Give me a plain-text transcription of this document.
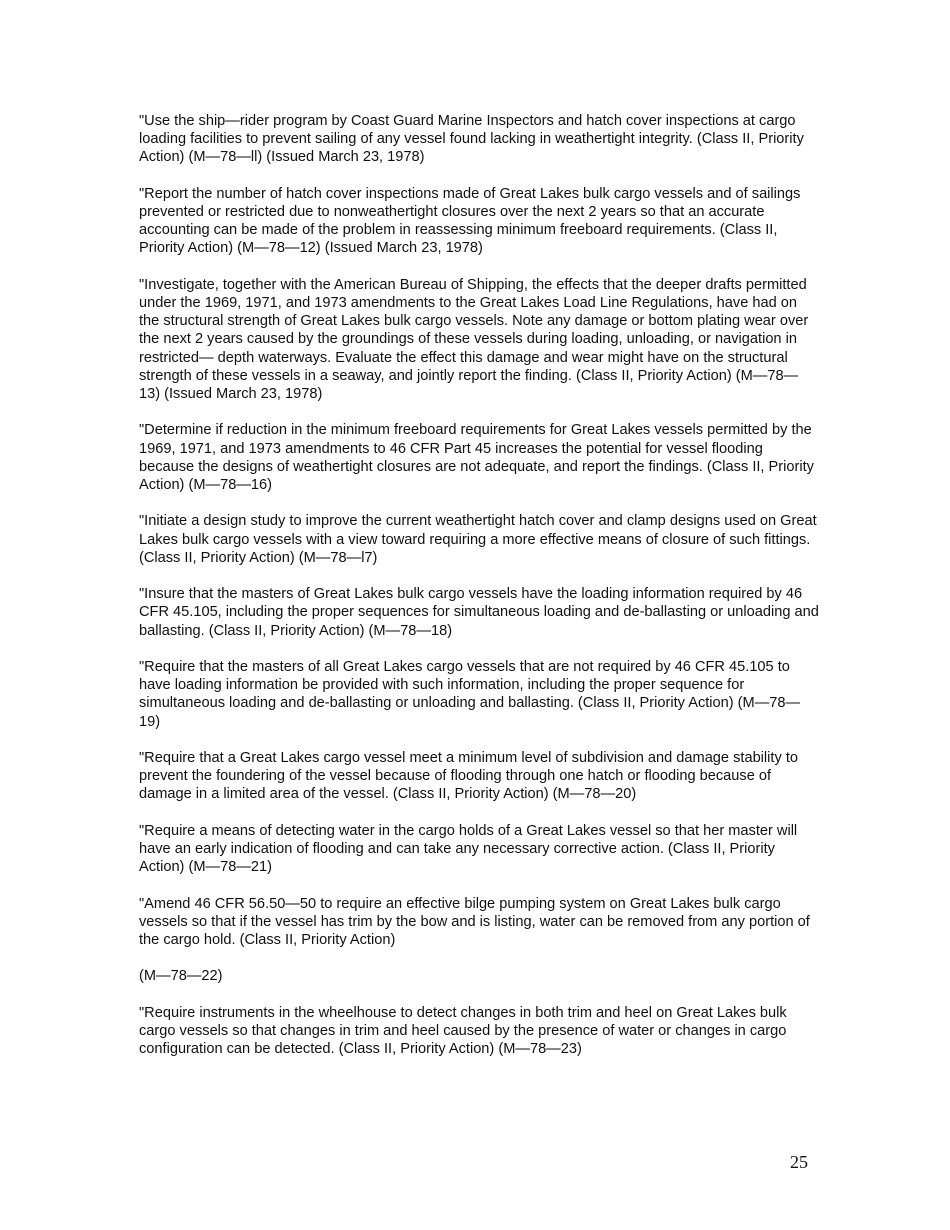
"Use the ship—rider program by Coast Guard Marine Inspectors and hatch cover inspections at cargo loading facilities to prevent sailing of any vessel found lacking in weathertight integrity. (Class II, Priority Action) (M—78—ll) (Issued March 23, 1978)

"Report the number of hatch cover inspections made of Great Lakes bulk cargo vessels and of sailings prevented or restricted due to nonweathertight closures over the next 2 years so that an accurate accounting can be made of the problem in reassessing minimum freeboard requirements. (Class II, Priority Action) (M—78—12) (Issued March 23, 1978)

"Investigate, together with the American Bureau of Shipping, the effects that the deeper drafts permitted under the 1969, 1971, and 1973 amendments to the Great Lakes Load Line Regulations, have had on the structural strength of Great Lakes bulk cargo vessels. Note any damage or bottom plating wear over the next 2 years caused by the groundings of these vessels during loading, unloading, or navigation in restricted— depth waterways. Evaluate the effect this damage and wear might have on the structural strength of these vessels in a seaway, and jointly report the finding. (Class II, Priority Action) (M—78—13) (Issued March 23, 1978)

"Determine if reduction in the minimum freeboard requirements for Great Lakes vessels permitted by the 1969, 1971, and 1973 amendments to 46 CFR Part 45 increases the potential for vessel flooding because the designs of weathertight closures are not adequate, and report the findings. (Class II, Priority Action) (M—78—16)

"Initiate a design study to improve the current weathertight hatch cover and clamp designs used on Great Lakes bulk cargo vessels with a view toward requiring a more effective means of closure of such fittings. (Class II, Priority Action) (M—78—l7)

"Insure that the masters of Great Lakes bulk cargo vessels have the loading information required by 46 CFR 45.105, including the proper sequences for simultaneous loading and de-ballasting or unloading and ballasting. (Class II, Priority Action) (M—78—18)

"Require that the masters of all Great Lakes cargo vessels that are not required by 46 CFR 45.105 to have loading information be provided with such information, including the proper sequence for simultaneous loading and de-ballasting or unloading and ballasting. (Class II, Priority Action) (M—78—19)

"Require that a Great Lakes cargo vessel meet a minimum level of subdivision and damage stability to prevent the foundering of the vessel because of flooding through one hatch or flooding because of damage in a limited area of the vessel. (Class II, Priority Action) (M—78—20)

"Require a means of detecting water in the cargo holds of a Great Lakes vessel so that her master will have an early indication of flooding and can take any necessary corrective action. (Class II, Priority Action) (M—78—21)

"Amend 46 CFR 56.50—50 to require an effective bilge pumping system on Great Lakes bulk cargo vessels so that if the vessel has trim by the bow and is listing, water can be removed from any portion of the cargo hold. (Class II, Priority Action)

(M—78—22)

"Require instruments in the wheelhouse to detect changes in both trim and heel on Great Lakes bulk cargo vessels so that changes in trim and heel caused by the presence of water or changes in cargo configuration can be detected. (Class II, Priority Action) (M—78—23)

25
